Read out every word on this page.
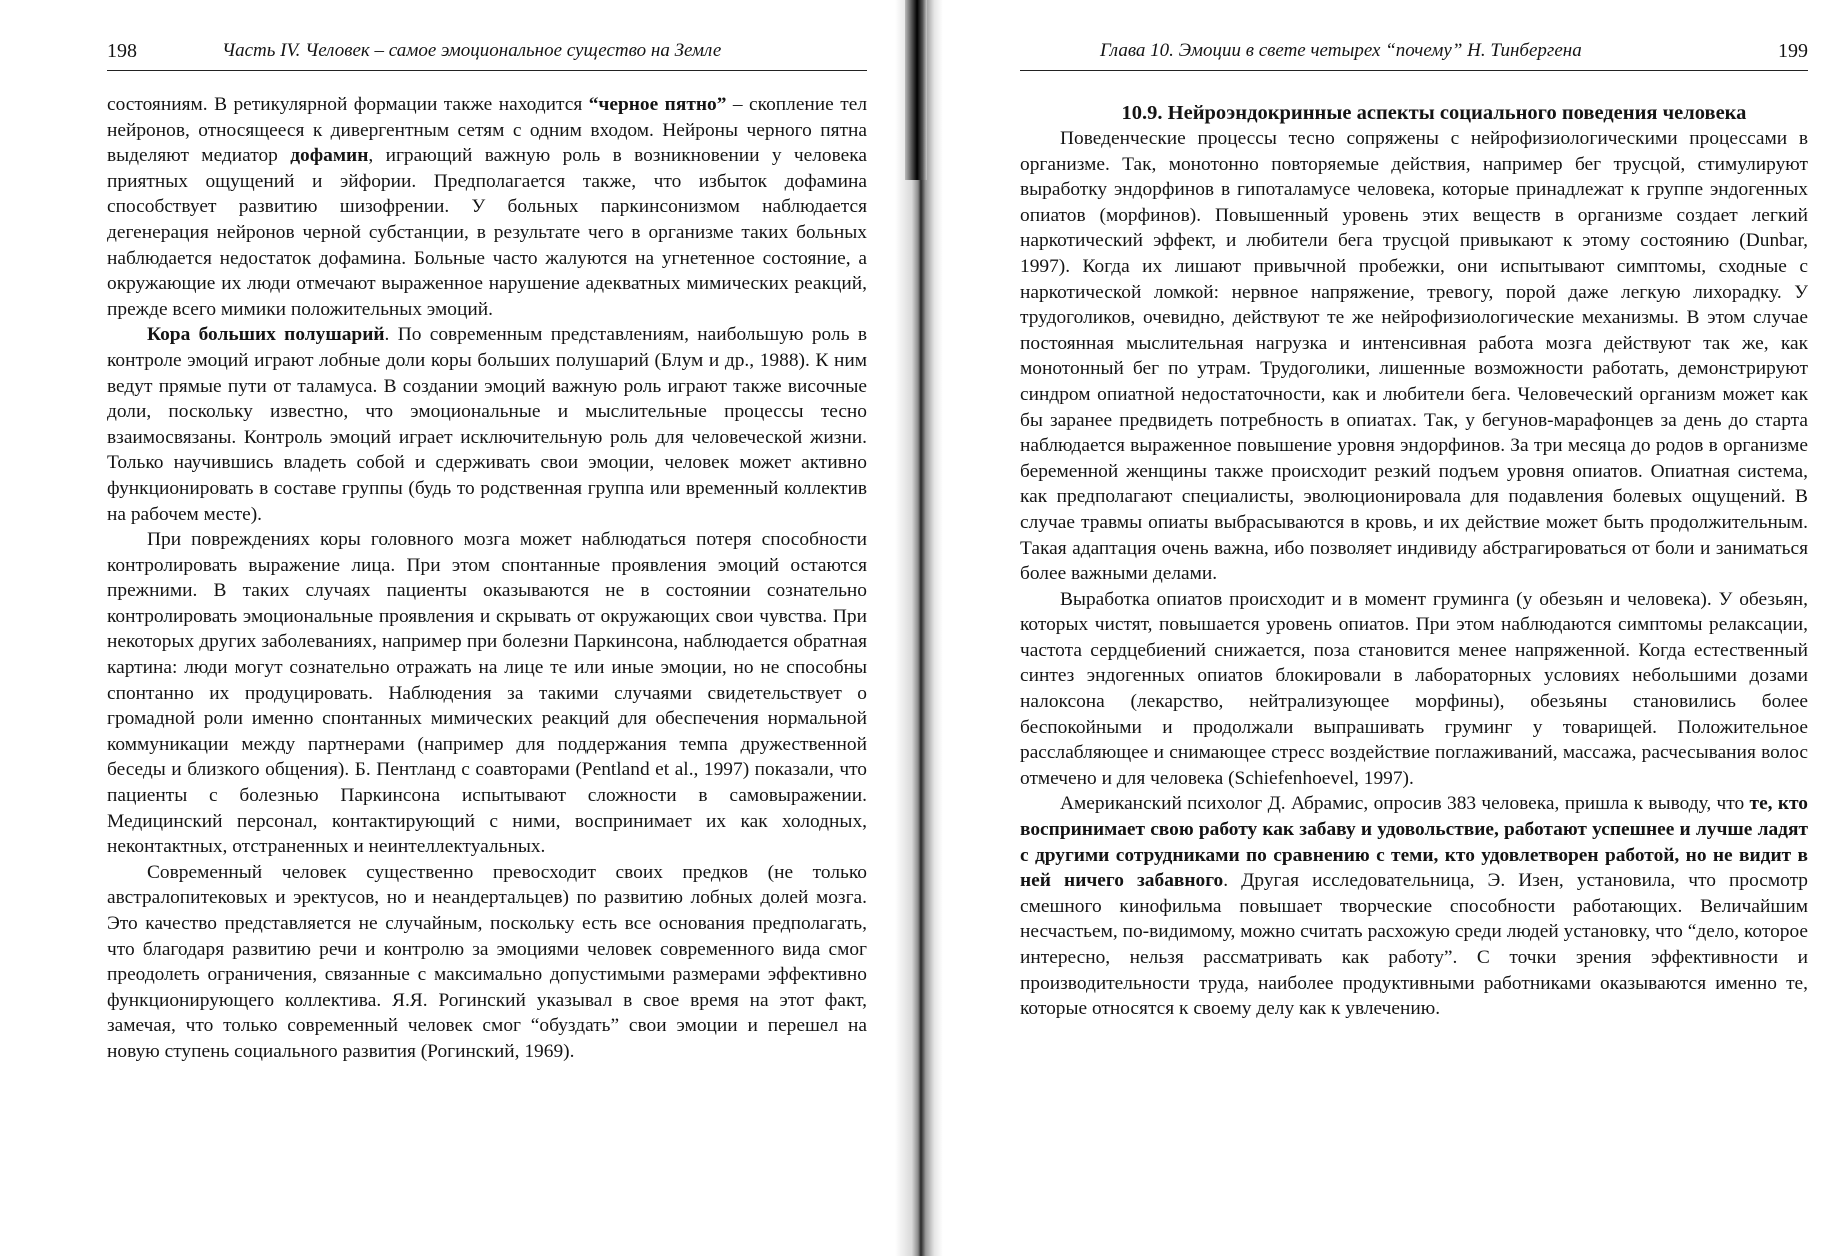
198	Часть IV. Человек – самое эмоциональное существо на Земле

состояниям. В ретикулярной формации также находится “черное пятно” – скопление тел нейронов, относящееся к дивергентным сетям с одним входом. Нейроны черного пятна выделяют медиатор дофамин, играющий важную роль в возникновении у человека приятных ощущений и эйфории. Предполагается также, что избыток дофамина способствует развитию шизофрении. У больных паркинсонизмом наблюдается дегенерация нейронов черной субстанции, в результате чего в организме таких больных наблюдается недостаток дофамина. Больные часто жалуются на угнетенное состояние, а окружающие их люди отмечают выраженное нарушение адекватных мимических реакций, прежде всего мимики положительных эмоций.

Кора больших полушарий. По современным представлениям, наибольшую роль в контроле эмоций играют лобные доли коры больших полушарий (Блум и др., 1988). К ним ведут прямые пути от таламуса. В создании эмоций важную роль играют также височные доли, поскольку известно, что эмоциональные и мыслительные процессы тесно взаимосвязаны. Контроль эмоций играет исключительную роль для человеческой жизни. Только научившись владеть собой и сдерживать свои эмоции, человек может активно функционировать в составе группы (будь то родственная группа или временный коллектив на рабочем месте).

При повреждениях коры головного мозга может наблюдаться потеря способности контролировать выражение лица. При этом спонтанные проявления эмоций остаются прежними. В таких случаях пациенты оказываются не в состоянии сознательно контролировать эмоциональные проявления и скрывать от окружающих свои чувства. При некоторых других заболеваниях, например при болезни Паркинсона, наблюдается обратная картина: люди могут сознательно отражать на лице те или иные эмоции, но не способны спонтанно их продуцировать. Наблюдения за такими случаями свидетельствует о громадной роли именно спонтанных мимических реакций для обеспечения нормальной коммуникации между партнерами (например для поддержания темпа дружественной беседы и близкого общения). Б. Пентланд с соавторами (Pentland et al., 1997) показали, что пациенты с болезнью Паркинсона испытывают сложности в самовыражении. Медицинский персонал, контактирующий с ними, воспринимает их как холодных, неконтактных, отстраненных и неинтеллектуальных.

Современный человек существенно превосходит своих предков (не только австралопитековых и эректусов, но и неандертальцев) по развитию лобных долей мозга. Это качество представляется не случайным, поскольку есть все основания предполагать, что благодаря развитию речи и контролю за эмоциями человек современного вида смог преодолеть ограничения, связанные с максимально допустимыми размерами эффективно функционирующего коллектива. Я.Я. Рогинский указывал в свое время на этот факт, замечая, что только современный человек смог “обуздать” свои эмоции и перешел на новую ступень социального развития (Рогинский, 1969).

Глава 10. Эмоции в свете четырех “почему” Н. Тинбергена	199

10.9. Нейроэндокринные аспекты социального поведения человека

Поведенческие процессы тесно сопряжены с нейрофизиологическими процессами в организме. Так, монотонно повторяемые действия, например бег трусцой, стимулируют выработку эндорфинов в гипоталамусе человека, которые принадлежат к группе эндогенных опиатов (морфинов). Повышенный уровень этих веществ в организме создает легкий наркотический эффект, и любители бега трусцой привыкают к этому состоянию (Dunbar, 1997). Когда их лишают привычной пробежки, они испытывают симптомы, сходные с наркотической ломкой: нервное напряжение, тревогу, порой даже легкую лихорадку. У трудоголиков, очевидно, действуют те же нейрофизиологические механизмы. В этом случае постоянная мыслительная нагрузка и интенсивная работа мозга действуют так же, как монотонный бег по утрам. Трудоголики, лишенные возможности работать, демонстрируют синдром опиатной недостаточности, как и любители бега. Человеческий организм может как бы заранее предвидеть потребность в опиатах. Так, у бегунов-марафонцев за день до старта наблюдается выраженное повышение уровня эндорфинов. За три месяца до родов в организме беременной женщины также происходит резкий подъем уровня опиатов. Опиатная система, как предполагают специалисты, эволюционировала для подавления болевых ощущений. В случае травмы опиаты выбрасываются в кровь, и их действие может быть продолжительным. Такая адаптация очень важна, ибо позволяет индивиду абстрагироваться от боли и заниматься более важными делами.

Выработка опиатов происходит и в момент груминга (у обезьян и человека). У обезьян, которых чистят, повышается уровень опиатов. При этом наблюдаются симптомы релаксации, частота сердцебиений снижается, поза становится менее напряженной. Когда естественный синтез эндогенных опиатов блокировали в лабораторных условиях небольшими дозами налоксона (лекарство, нейтрализующее морфины), обезьяны становились более беспокойными и продолжали выпрашивать груминг у товарищей. Положительное расслабляющее и снимающее стресс воздействие поглаживаний, массажа, расчесывания волос отмечено и для человека (Schiefenhoevel, 1997).

Американский психолог Д. Абрамис, опросив 383 человека, пришла к выводу, что те, кто воспринимает свою работу как забаву и удовольствие, работают успешнее и лучше ладят с другими сотрудниками по сравнению с теми, кто удовлетворен работой, но не видит в ней ничего забавного. Другая исследовательница, Э. Изен, установила, что просмотр смешного кинофильма повышает творческие способности работающих. Величайшим несчастьем, по-видимому, можно считать расхожую среди людей установку, что “дело, которое интересно, нельзя рассматривать как работу”. С точки зрения эффективности и производительности труда, наиболее продуктивными работниками оказываются именно те, которые относятся к своему делу как к увлечению.
